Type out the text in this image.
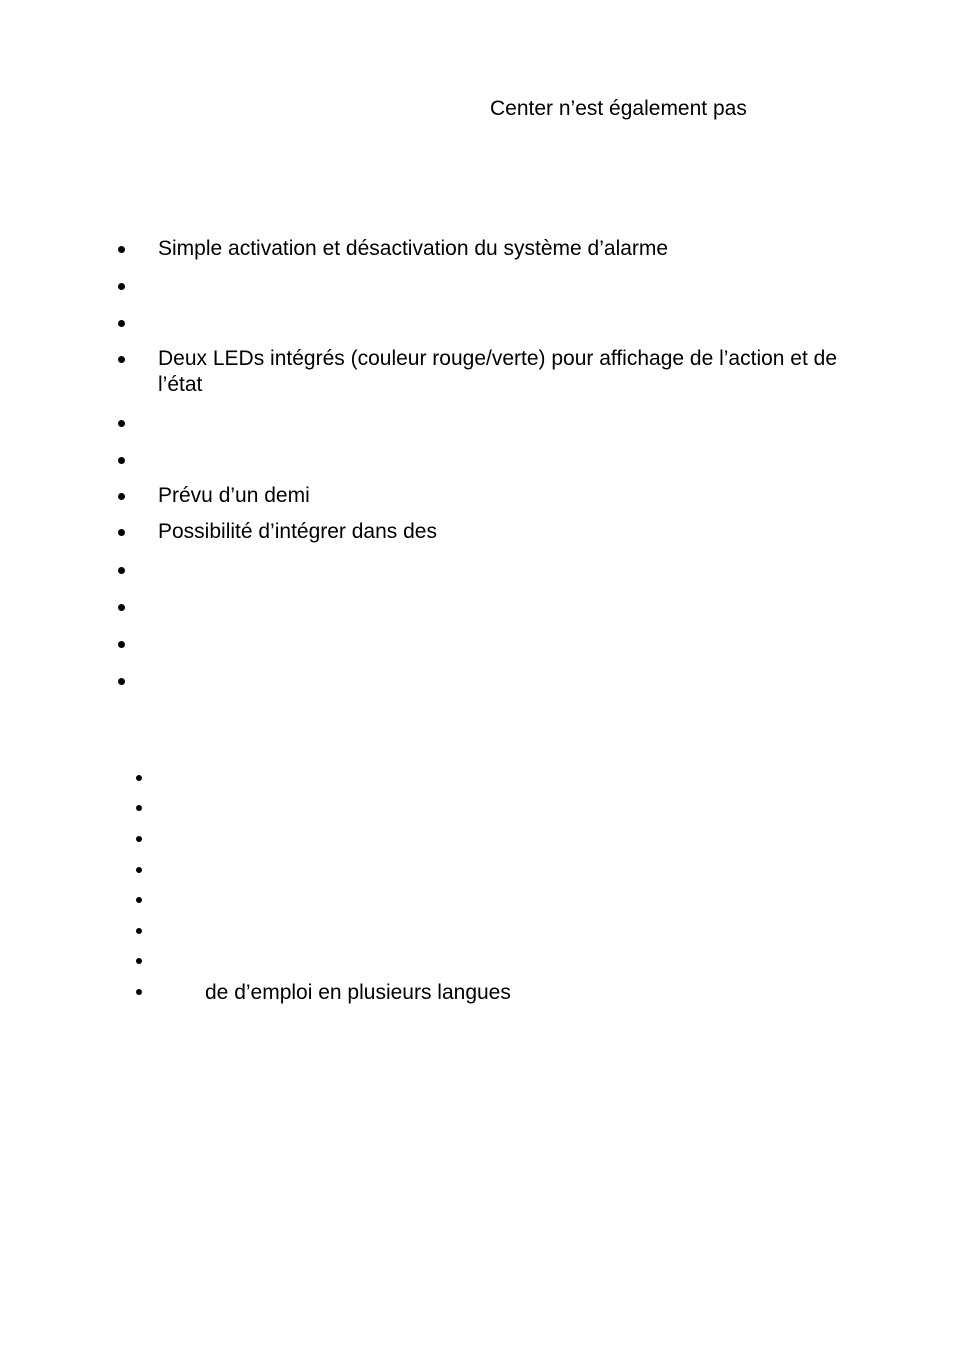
Center n’est également pas
Simple activation et désactivation du système d’alarme
Deux LEDs intégrés (couleur rouge/verte) pour affichage de l’action et de l’état
Prévu d’un demi
Possibilité d’intégrer dans des
de d’emploi en plusieurs langues
